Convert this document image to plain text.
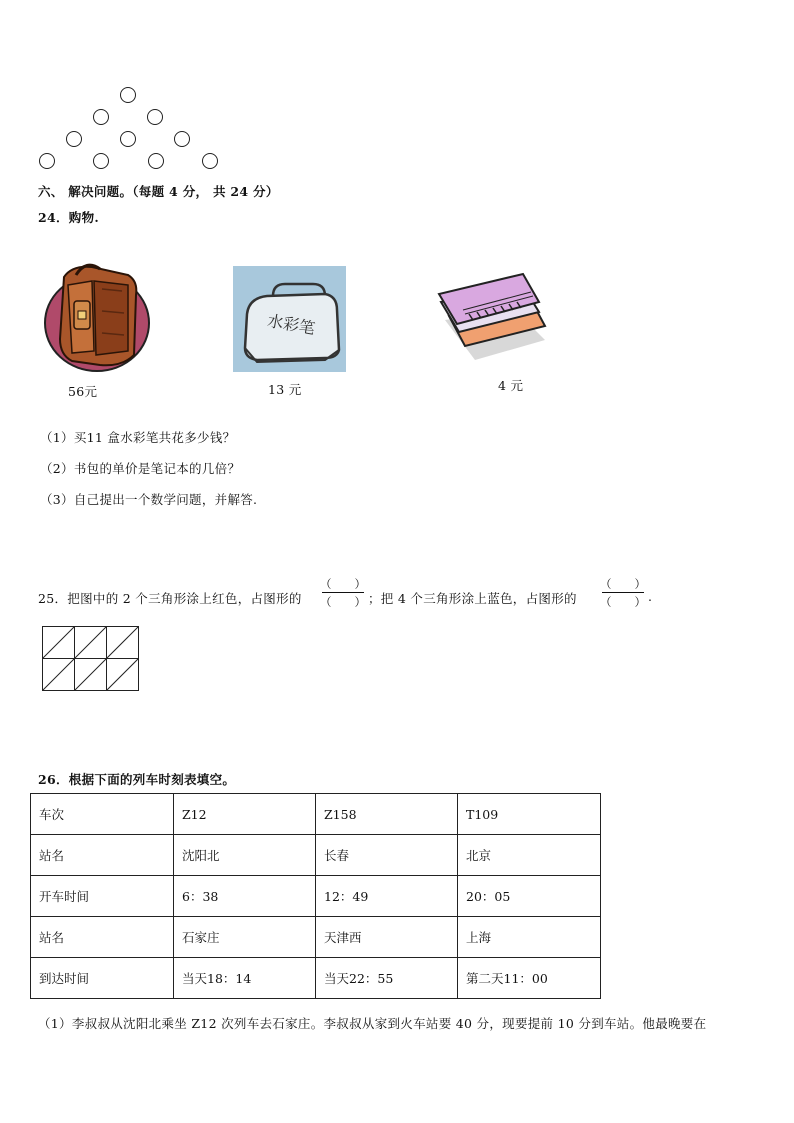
六、 解决问题。（每题 4 分， 共 24 分）
24．购物.
56元
水彩笔
13 元	4 元
（1）买11 盒水彩笔共花多少钱？
（2）书包的单价是笔记本的几倍？
（3）自己提出一个数学问题，并解答.
25．把图中的 2 个三角形涂上红色，占图形的
（　　）
（　　） ；把 4 个三角形涂上蓝色，占图形的
（　　）
（　　） .
26．根据下面的列车时刻表填空。
车次	Z12	Z158	T109
站名	沈阳北	长春	北京
开车时间	6：38	12：49	20：05
站名	石家庄	天津西	上海
到达时间	当天18：14	当天22：55	第二天11：00
（1）李叔叔从沈阳北乘坐 Z12 次列车去石家庄。李叔叔从家到火车站要 40 分，现要提前 10 分到车站。他最晚要在
